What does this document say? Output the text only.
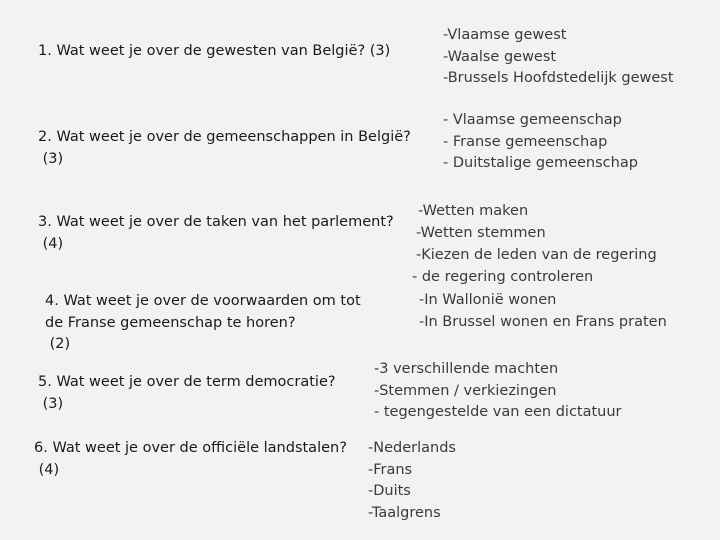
1. Wat weet je over de gewesten van België? (3)
2. Wat weet je over de gemeenschappen in België?
(3)
3. Wat weet je over de taken van het parlement?
(4)
4. Wat weet je over de voorwaarden om tot
de Franse gemeenschap te horen?
(2)
5. Wat weet je over de term democratie?
(3)
6. Wat weet je over de officiële landstalen?
(4)
-Vlaamse gewest
-Waalse gewest
-Brussels Hoofdstedelijk gewest
- Vlaamse gemeenschap
- Franse gemeenschap
- Duitstalige gemeenschap
-Wetten maken
-Wetten stemmen
-Kiezen de leden van de regering
- de regering controleren
-In Wallonië wonen
-In Brussel wonen en Frans praten
-3 verschillende machten
-Stemmen / verkiezingen
- tegengestelde van een dictatuur
-Nederlands
-Frans
-Duits
-Taalgrens
